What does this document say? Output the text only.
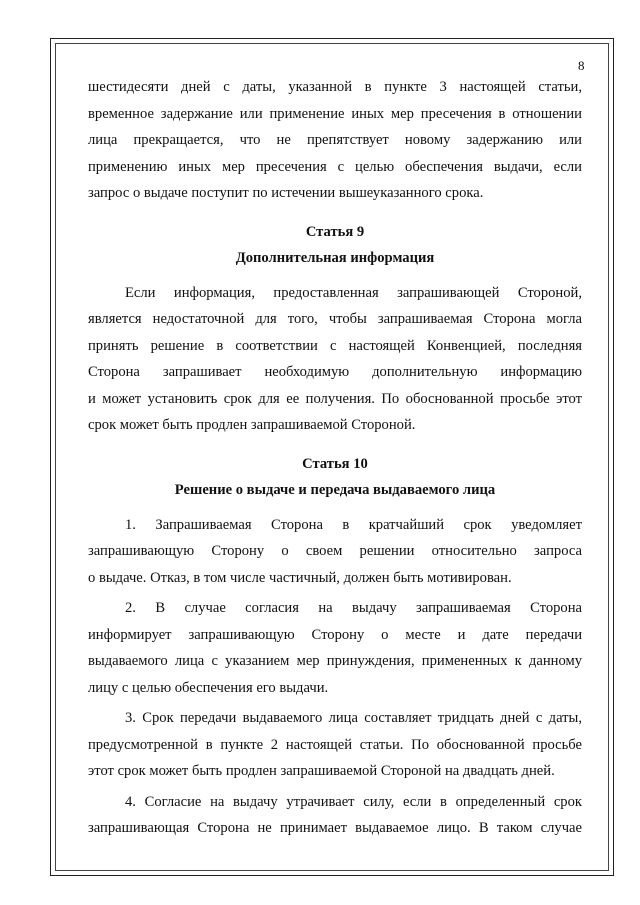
8

шестидесяти дней с даты, указанной в пункте 3 настоящей статьи,

временное задержание или применение иных мер пресечения в отношении

лица прекращается, что не препятствует новому задержанию или

применению иных мер пресечения с целью обеспечения выдачи, если

запрос о выдаче поступит по истечении вышеуказанного срока.

Статья 9

Дополнительная информация

Если информация, предоставленная запрашивающей Стороной,

является недостаточной для того, чтобы запрашиваемая Сторона могла

принять решение в соответствии с настоящей Конвенцией, последняя

Сторона запрашивает необходимую дополнительную информацию

и может установить срок для ее получения. По обоснованной просьбе этот

срок может быть продлен запрашиваемой Стороной.

Статья 10

Решение о выдаче и передача выдаваемого лица

1. Запрашиваемая Сторона в кратчайший срок уведомляет

запрашивающую Сторону о своем решении относительно запроса

о выдаче. Отказ, в том числе частичный, должен быть мотивирован.

2. В случае согласия на выдачу запрашиваемая Сторона

информирует запрашивающую Сторону о месте и дате передачи

выдаваемого лица с указанием мер принуждения, примененных к данному

лицу с целью обеспечения его выдачи.

3. Срок передачи выдаваемого лица составляет тридцать дней с даты,

предусмотренной в пункте 2 настоящей статьи. По обоснованной просьбе

этот срок может быть продлен запрашиваемой Стороной на двадцать дней.

4. Согласие на выдачу утрачивает силу, если в определенный срок

запрашивающая Сторона не принимает выдаваемое лицо. В таком случае
